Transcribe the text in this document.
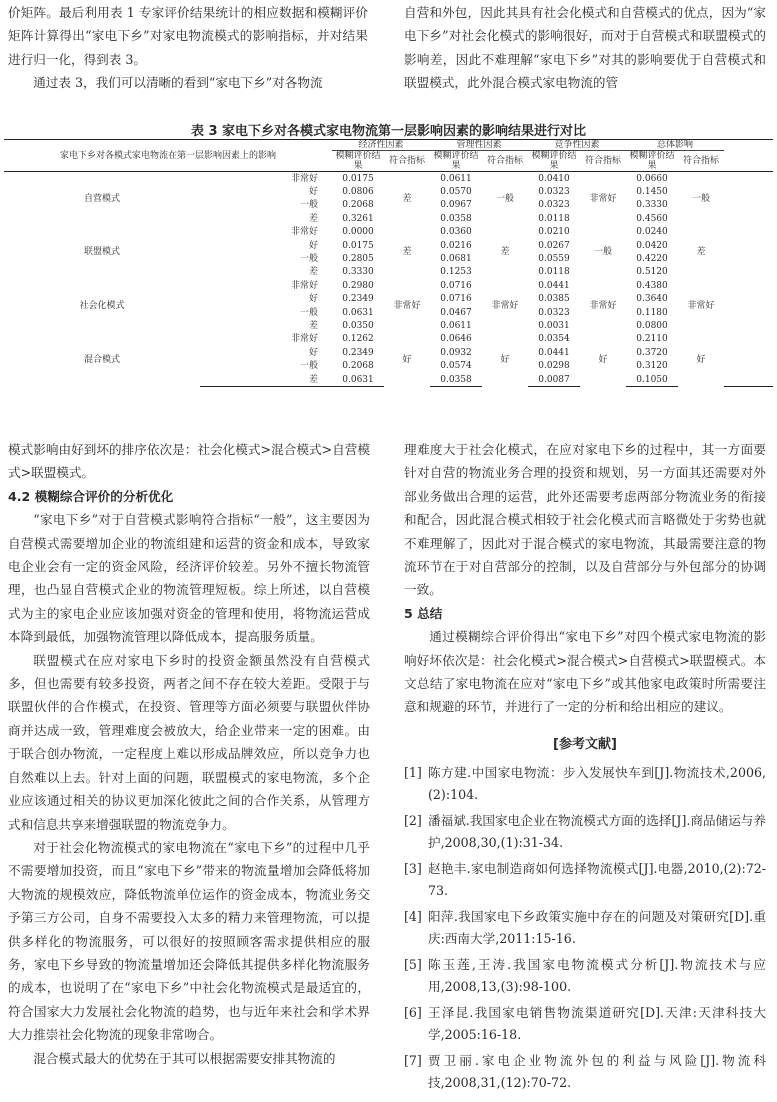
价矩阵。最后利用表 1 专家评价结果统计的相应数据和模糊评价矩阵计算得出“家电下乡”对家电物流模式的影响指标，并对结果进行归一化，得到表 3。

通过表 3，我们可以清晰的看到“家电下乡”对各物流

自营和外包，因此其具有社会化模式和自营模式的优点，因为“家电下乡”对社会化模式的影响很好，而对于自营模式和联盟模式的影响差，因此不难理解“家电下乡”对其的影响要优于自营模式和联盟模式，此外混合模式家电物流的管

表 3 家电下乡对各模式家电物流第一层影响因素的影响结果进行对比
家电下乡对各模式家电物流在第一层影响因素上的影响		经济性因素		管理性因素		竞争性因素		总体影响		
		模糊评价结果	符合指标	模糊评价结果	符合指标	模糊评价结果	符合指标	模糊评价结果	符合指标	
自营模式	非常好	0.0175	差	0.0611	一般	0.0410	非常好	0.0660	一般	
	好	0.0806		0.0570		0.0323		0.1450		
	一般	0.2068		0.0967		0.0323		0.3330		
	差	0.3261		0.0358		0.0118		0.4560		
联盟模式	非常好	0.0000	差	0.0360	差	0.0210	一般	0.0240	差	
	好	0.0175		0.0216		0.0267		0.0420		
	一般	0.2805		0.0681		0.0559		0.4220		
	差	0.3330		0.1253		0.0118		0.5120		
社会化模式	非常好	0.2980	非常好	0.0716	非常好	0.0441	非常好	0.4380	非常好	
	好	0.2349		0.0716		0.0385		0.3640		
	一般	0.0631		0.0467		0.0323		0.1180		
	差	0.0350		0.0611		0.0031		0.0800		
混合模式	非常好	0.1262	好	0.0646	好	0.0354	好	0.2110	好	
	好	0.2349		0.0932		0.0441		0.3720		
	一般	0.2068		0.0574		0.0298		0.3120		
	差	0.0631		0.0358		0.0087		0.1050		

模式影响由好到坏的排序依次是：社会化模式>混合模式>自营模式>联盟模式。

4.2 模糊综合评价的分析优化

“家电下乡”对于自营模式影响符合指标“一般”，这主要因为自营模式需要增加企业的物流组建和运营的资金和成本，导致家电企业会有一定的资金风险，经济评价较差。另外不擅长物流管理，也凸显自营模式企业的物流管理短板。综上所述，以自营模式为主的家电企业应该加强对资金的管理和使用，将物流运营成本降到最低，加强物流管理以降低成本，提高服务质量。

联盟模式在应对家电下乡时的投资金额虽然没有自营模式多，但也需要有较多投资，两者之间不存在较大差距。受限于与联盟伙伴的合作模式，在投资、管理等方面必须要与联盟伙伴协商并达成一致，管理难度会被放大，给企业带来一定的困难。由于联合创办物流，一定程度上难以形成品牌效应，所以竞争力也自然难以上去。针对上面的问题，联盟模式的家电物流，多个企业应该通过相关的协议更加深化彼此之间的合作关系，从管理方式和信息共享来增强联盟的物流竞争力。

对于社会化物流模式的家电物流在“家电下乡”的过程中几乎不需要增加投资，而且“家电下乡”带来的物流量增加会降低将加大物流的规模效应，降低物流单位运作的资金成本，物流业务交予第三方公司，自身不需要投入太多的精力来管理物流，可以提供多样化的物流服务，可以很好的按照顾客需求提供相应的服务，家电下乡导致的物流量增加还会降低其提供多样化物流服务的成本，也说明了在“家电下乡”中社会化物流模式是最适宜的，符合国家大力发展社会化物流的趋势，也与近年来社会和学术界大力推崇社会化物流的现象非常吻合。

混合模式最大的优势在于其可以根据需要安排其物流的

理难度大于社会化模式，在应对家电下乡的过程中，其一方面要针对自营的物流业务合理的投资和规划，另一方面其还需要对外部业务做出合理的运营，此外还需要考虑两部分物流业务的衔接和配合，因此混合模式相较于社会化模式而言略微处于劣势也就不难理解了，因此对于混合模式的家电物流，其最需要注意的物流环节在于对自营部分的控制，以及自营部分与外包部分的协调一致。

5 总结

通过模糊综合评价得出“家电下乡”对四个模式家电物流的影响好坏依次是：社会化模式>混合模式>自营模式>联盟模式。本文总结了家电物流在应对“家电下乡”或其他家电政策时所需要注意和规避的环节，并进行了一定的分析和给出相应的建议。

[参考文献]
[1] 陈方建.中国家电物流：步入发展快车到[J].物流技术,2006,(2):104.
[2] 潘福斌.我国家电企业在物流模式方面的选择[J].商品储运与养护,2008,30,(1):31-34.
[3] 赵艳丰.家电制造商如何选择物流模式[J].电器,2010,(2):72-73.
[4] 阳萍.我国家电下乡政策实施中存在的问题及对策研究[D].重庆:西南大学,2011:15-16.
[5] 陈玉莲,王涛.我国家电物流模式分析[J].物流技术与应用,2008,13,(3):98-100.
[6] 王泽昆.我国家电销售物流渠道研究[D].天津:天津科技大学,2005:16-18.
[7] 贾卫丽.家电企业物流外包的利益与风险[J].物流科技,2008,31,(12):70-72.
